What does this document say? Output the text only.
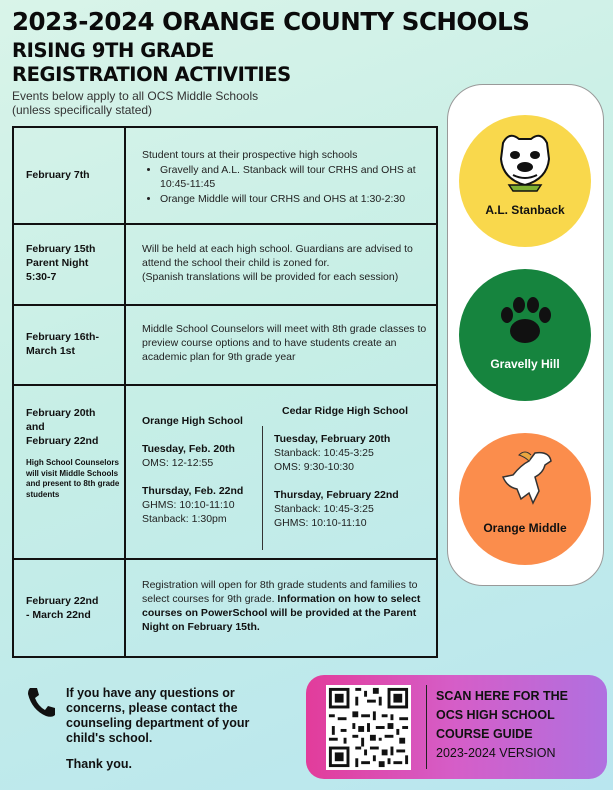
2023-2024 ORANGE COUNTY SCHOOLS
RISING 9TH GRADE
REGISTRATION ACTIVITIES
Events below apply to all OCS Middle Schools
(unless specifically stated)
February 7th
Student tours at their prospective high schools
• Gravelly and A.L. Stanback will tour CRHS and OHS at 10:45-11:45
• Orange Middle will tour CRHS and OHS at 1:30-2:30
February 15th
Parent Night
5:30-7
Will be held at each high school. Guardians are advised to attend the school their child is zoned for.
(Spanish translations will be provided for each session)
February 16th-
March 1st
Middle School Counselors will meet with 8th grade classes to preview course options and to have students create an academic plan for 9th grade year
February 20th
and
February 22nd
High School Counselors will visit Middle Schools and present to 8th grade students
Orange High School
Tuesday, Feb. 20th
OMS: 12-12:55
Thursday, Feb. 22nd
GHMS: 10:10-11:10
Stanback: 1:30pm
Cedar Ridge High School
Tuesday, February 20th
Stanback: 10:45-3:25
OMS: 9:30-10:30
Thursday, February 22nd
Stanback: 10:45-3:25
GHMS: 10:10-11:10
February 22nd
- March 22nd
Registration will open for 8th grade students and families to select courses for 9th grade. Information on how to select courses on PowerSchool will be provided at the Parent Night on February 15th.
A.L. Stanback
Gravelly Hill
Orange Middle
If you have any questions or concerns, please contact the counseling department of your child's school.
Thank you.
SCAN HERE FOR THE
OCS HIGH SCHOOL
COURSE GUIDE
2023-2024 VERSION
